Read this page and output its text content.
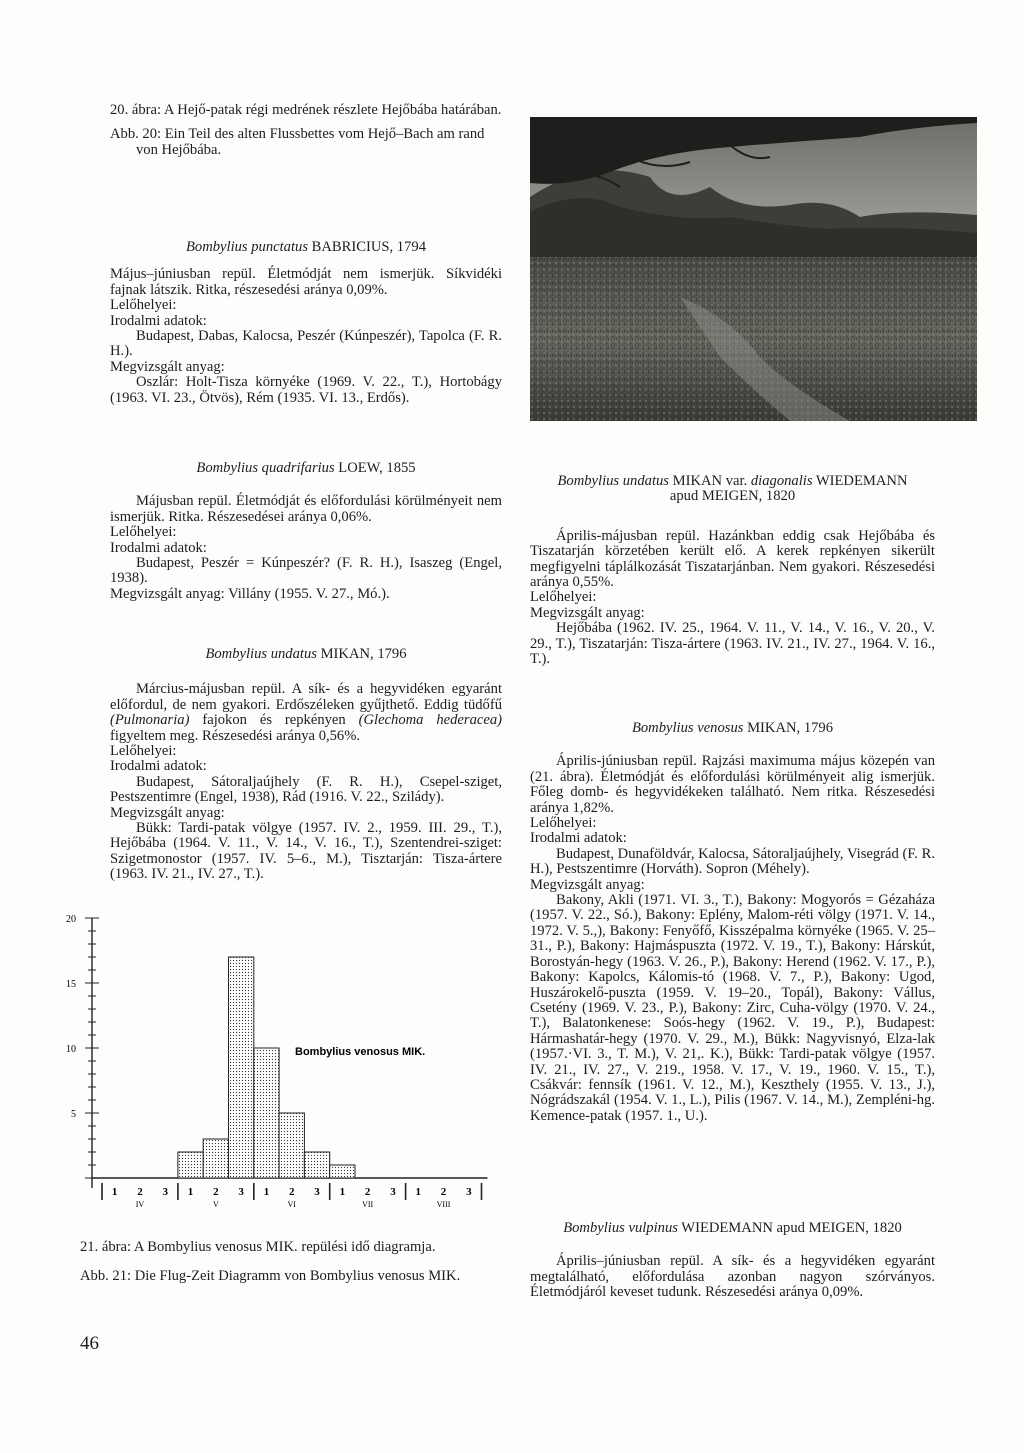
20. ábra: A Hejő-patak régi medrének részlete Hejőbába határában.

Abb. 20: Ein Teil des alten Flussbettes vom Hejő–Bach am rand von Hejőbába.

Bombylius punctatus BABRICIUS, 1794

Május–júniusban repül. Életmódját nem ismerjük. Síkvidéki fajnak látszik. Ritka, részesedési aránya 0,09%.

Lelőhelyei:

Irodalmi adatok:

Budapest, Dabas, Kalocsa, Peszér (Kúnpeszér), Tapolca (F. R. H.).

Megvizsgált anyag:

Oszlár: Holt-Tisza környéke (1969. V. 22., T.), Hortobágy (1963. VI. 23., Ötvös), Rém (1935. VI. 13., Erdős).

Bombylius quadrifarius LOEW, 1855

Májusban repül. Életmódját és előfordulási körülményeit nem ismerjük. Ritka. Részesedései aránya 0,06%.

Lelőhelyei:

Irodalmi adatok:

Budapest, Peszér = Kúnpeszér? (F. R. H.), Isaszeg (Engel, 1938).

Megvizsgált anyag: Villány (1955. V. 27., Mó.).

Bombylius undatus MIKAN, 1796

Március-májusban repül. A sík- és a hegyvidéken egyaránt előfordul, de nem gyakori. Erdőszéleken gyűjthető. Eddig tüdőfű (Pulmonaria) fajokon és repkényen (Glechoma hederacea) figyeltem meg. Részesedési aránya 0,56%.

Lelőhelyei:

Irodalmi adatok:

Budapest, Sátoraljaújhely (F. R. H.), Csepel-sziget, Pestszentimre (Engel, 1938), Rád (1916. V. 22., Szilády).

Megvizsgált anyag:

Bükk: Tardi-patak völgye (1957. IV. 2., 1959. III. 29., T.), Hejőbába (1964. V. 11., V. 14., V. 16., T.), Szentendrei-sziget: Szigetmonostor (1957. IV. 5–6., M.), Tisztarján: Tisza-ártere (1963. IV. 21., IV. 27., T.).

5
10
15
20
1 2 3 1 2 3 1 2 3 1 2 3 1 2 3
IV	V	VI	VII	VIII
Bombylius venosus MIK.

21. ábra: A Bombylius venosus MIK. repülési idő diagramja.

Abb. 21: Die Flug-Zeit Diagramm von Bombylius venosus MIK.

Bombylius undatus MIKAN var. diagonalis WIEDEMANN

apud MEIGEN, 1820

Április-májusban repül. Hazánkban eddig csak Hejőbába és Tiszatarján körzetében került elő. A kerek repkényen sikerült megfigyelni táplálkozását Tiszatarjánban. Nem gyakori. Részesedési aránya 0,55%.

Lelőhelyei:

Megvizsgált anyag:

Hejőbába (1962. IV. 25., 1964. V. 11., V. 14., V. 16., V. 20., V. 29., T.), Tiszatarján: Tisza-ártere (1963. IV. 21., IV. 27., 1964. V. 16., T.).

Bombylius venosus MIKAN, 1796

Április-júniusban repül. Rajzási maximuma május közepén van (21. ábra). Életmódját és előfordulási körülményeit alig ismerjük. Főleg domb- és hegyvidékeken található. Nem ritka. Részesedési aránya 1,82%.

Lelőhelyei:

Irodalmi adatok:

Budapest, Dunaföldvár, Kalocsa, Sátoraljaújhely, Visegrád (F. R. H.), Pestszentimre (Horváth). Sopron (Méhely).

Megvizsgált anyag:

Bakony, Akli (1971. VI. 3., T.), Bakony: Mogyorós = Gézaháza (1957. V. 22., Só.), Bakony: Eplény, Malom-réti völgy (1971. V. 14., 1972. V. 5.,), Bakony: Fenyőfő, Kisszépalma környéke (1965. V. 25–31., P.), Bakony: Hajmáspuszta (1972. V. 19., T.), Bakony: Hárskút, Borostyán-hegy (1963. V. 26., P.), Bakony: Herend (1962. V. 17., P.), Bakony: Kapolcs, Kálomis-tó (1968. V. 7., P.), Bakony: Ugod, Huszárokelő-puszta (1959. V. 19–20., Topál), Bakony: Vállus, Csetény (1969. V. 23., P.), Bakony: Zirc, Cuha-völgy (1970. V. 24., T.), Balatonkenese: Soós-hegy (1962. V. 19., P.), Budapest: Hármashatár-hegy (1970. V. 29., M.), Bükk: Nagyvisnyó, Elza-lak (1957.·VI. 3., T. M.), V. 21,. K.), Bükk: Tardi-patak völgye (1957. IV. 21., IV. 27., V. 219., 1958. V. 17., V. 19., 1960. V. 15., T.), Csákvár: fennsík (1961. V. 12., M.), Keszthely (1955. V. 13., J.), Nógrádszakál (1954. V. 1., L.), Pilis (1967. V. 14., M.), Zempléni-hg. Kemence-patak (1957. 1., U.).

Bombylius vulpinus WIEDEMANN apud MEIGEN, 1820

Április–júniusban repül. A sík- és a hegyvidéken egyaránt megtalálható, előfordulása azonban nagyon szórványos. Életmódjáról keveset tudunk. Részesedési aránya 0,09%.

46
